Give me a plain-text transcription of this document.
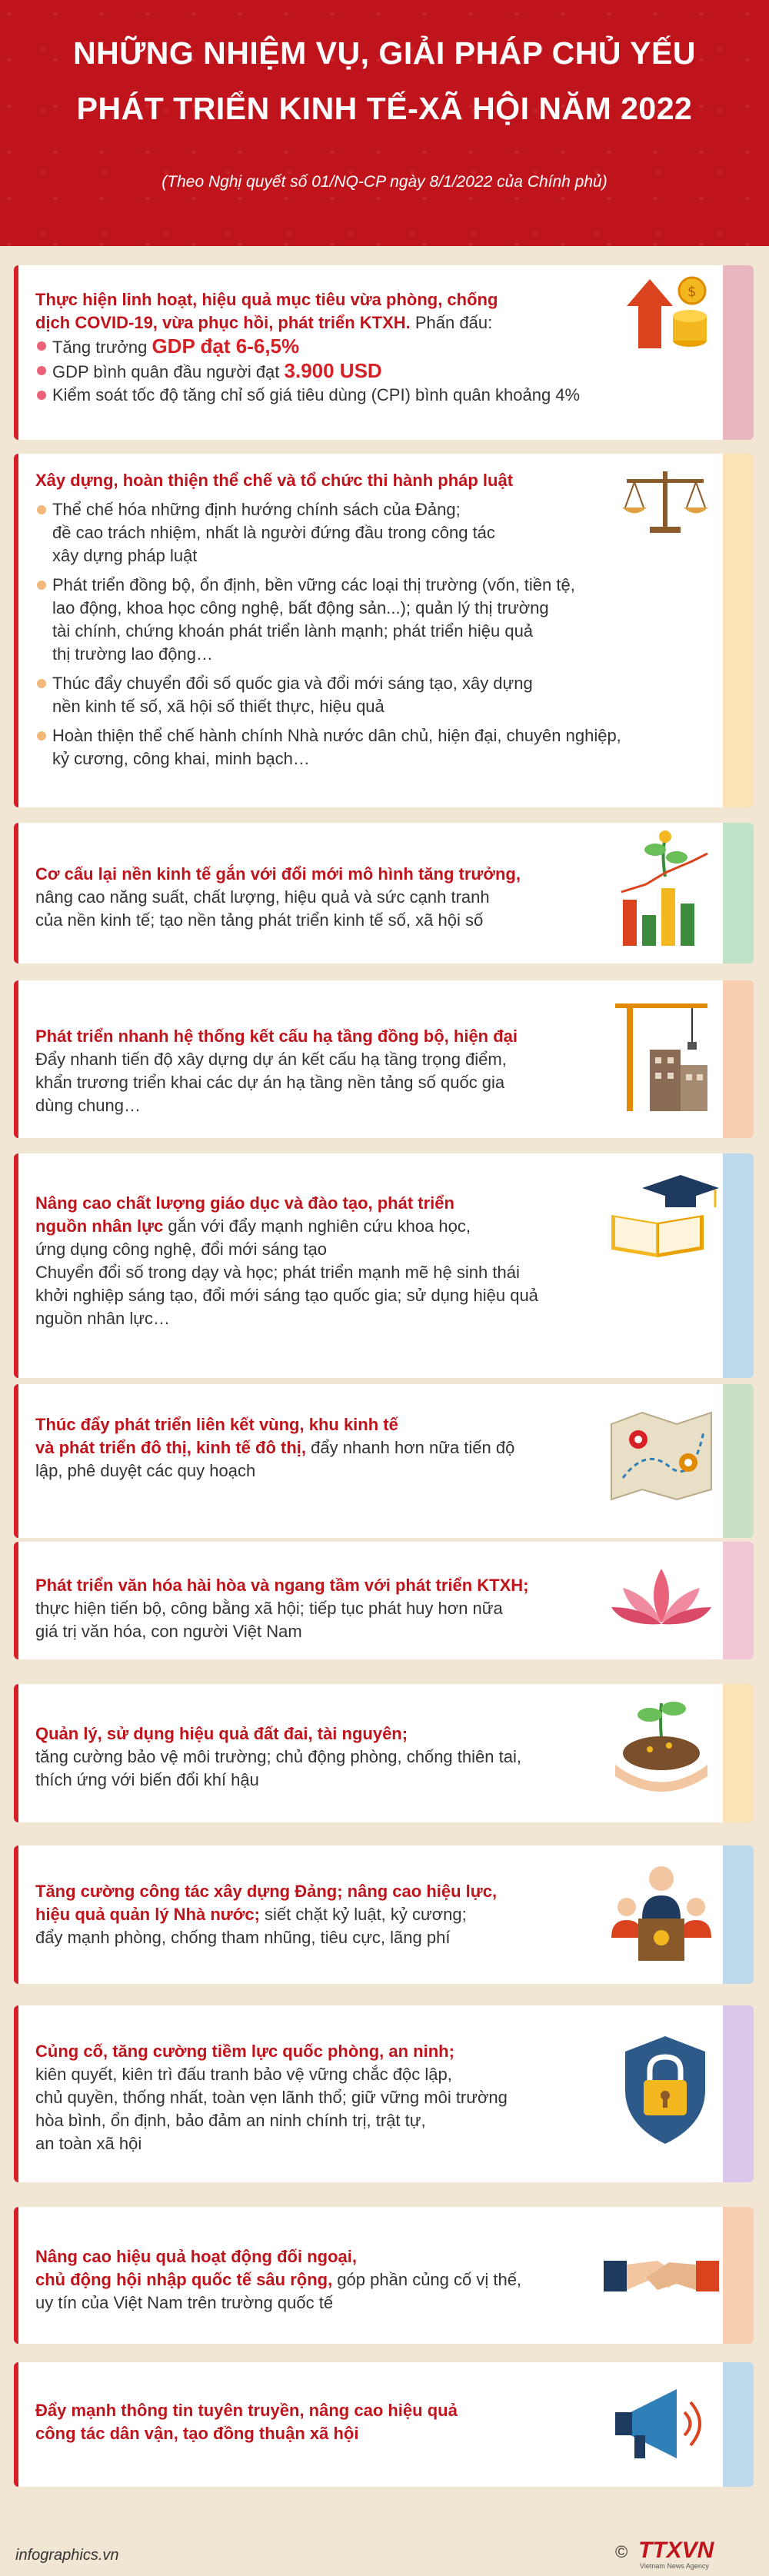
NHỮNG NHIỆM VỤ, GIẢI PHÁP CHỦ YẾU
PHÁT TRIỂN KINH TẾ-XÃ HỘI NĂM 2022
(Theo Nghị quyết số 01/NQ-CP ngày 8/1/2022 của Chính phủ)
Thực hiện linh hoạt, hiệu quả mục tiêu vừa phòng, chống
dịch COVID-19, vừa phục hồi, phát triển KTXH. Phấn đấu:
Tăng trưởng GDP đạt 6-6,5%
GDP bình quân đầu người đạt 3.900 USD
Kiểm soát tốc độ tăng chỉ số giá tiêu dùng (CPI) bình quân khoảng 4%
$
Xây dựng, hoàn thiện thể chế và tổ chức thi hành pháp luật
Thể chế hóa những định hướng chính sách của Đảng;
đề cao trách nhiệm, nhất là người đứng đầu trong công tác
xây dựng pháp luật
Phát triển đồng bộ, ổn định, bền vững các loại thị trường (vốn, tiền tệ,
lao động, khoa học công nghệ, bất động sản...); quản lý thị trường
tài chính, chứng khoán phát triển lành mạnh; phát triển hiệu quả
thị trường lao động…
Thúc đẩy chuyển đổi số quốc gia và đổi mới sáng tạo, xây dựng
nền kinh tế số, xã hội số thiết thực, hiệu quả
Hoàn thiện thể chế hành chính Nhà nước dân chủ, hiện đại, chuyên nghiệp,
kỷ cương, công khai, minh bạch…
Cơ cấu lại nền kinh tế gắn với đổi mới mô hình tăng trưởng,
nâng cao năng suất, chất lượng, hiệu quả và sức cạnh tranh
của nền kinh tế; tạo nền tảng phát triển kinh tế số, xã hội số
Phát triển nhanh hệ thống kết cấu hạ tầng đồng bộ, hiện đại
Đẩy nhanh tiến độ xây dựng dự án kết cấu hạ tầng trọng điểm,
khẩn trương triển khai các dự án hạ tầng nền tảng số quốc gia
dùng chung…
Nâng cao chất lượng giáo dục và đào tạo, phát triển
nguồn nhân lực gắn với đẩy mạnh nghiên cứu khoa học,
ứng dụng công nghệ, đổi mới sáng tạo
Chuyển đổi số trong dạy và học; phát triển mạnh mẽ hệ sinh thái
khởi nghiệp sáng tạo, đổi mới sáng tạo quốc gia; sử dụng hiệu quả
nguồn nhân lực…
Thúc đẩy phát triển liên kết vùng, khu kinh tế
và phát triển đô thị, kinh tế đô thị, đẩy nhanh hơn nữa tiến độ
lập, phê duyệt các quy hoạch
Phát triển văn hóa hài hòa và ngang tầm với phát triển KTXH;
thực hiện tiến bộ, công bằng xã hội; tiếp tục phát huy hơn nữa
giá trị văn hóa, con người Việt Nam
Quản lý, sử dụng hiệu quả đất đai, tài nguyên;
tăng cường bảo vệ môi trường; chủ động phòng, chống thiên tai,
thích ứng với biến đổi khí hậu
Tăng cường công tác xây dựng Đảng; nâng cao hiệu lực,
hiệu quả quản lý Nhà nước; siết chặt kỷ luật, kỷ cương;
đẩy mạnh phòng, chống tham nhũng, tiêu cực, lãng phí
Củng cố, tăng cường tiềm lực quốc phòng, an ninh;
kiên quyết, kiên trì đấu tranh bảo vệ vững chắc độc lập,
chủ quyền, thống nhất, toàn vẹn lãnh thổ; giữ vững môi trường
hòa bình, ổn định, bảo đảm an ninh chính trị, trật tự,
an toàn xã hội
Nâng cao hiệu quả hoạt động đối ngoại,
chủ động hội nhập quốc tế sâu rộng, góp phần củng cố vị thế,
uy tín của Việt Nam trên trường quốc tế
Đẩy mạnh thông tin tuyên truyền, nâng cao hiệu quả
công tác dân vận, tạo đồng thuận xã hội
infographics.vn	© TTXVN
Vietnam News Agency
